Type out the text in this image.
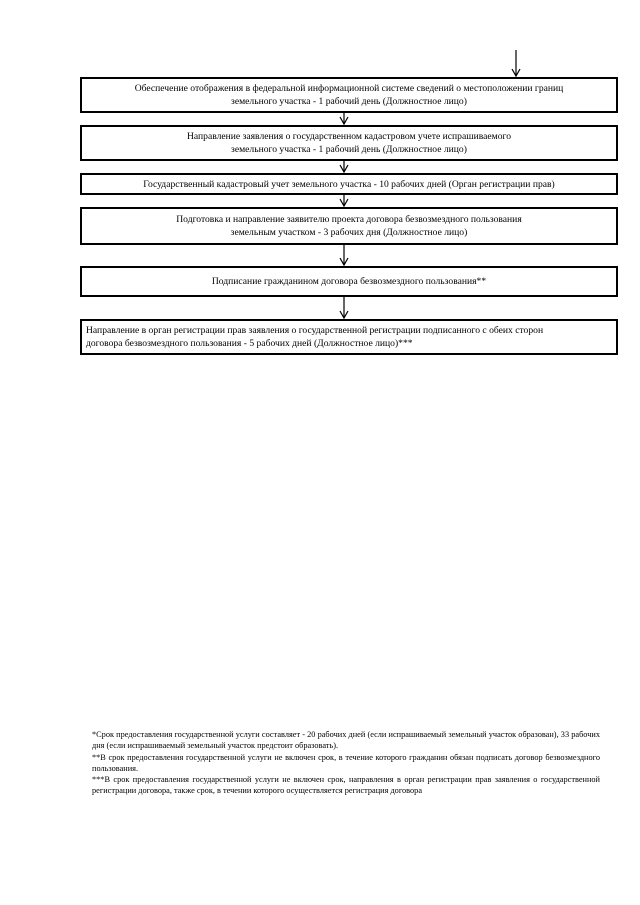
Обеспечение отображения в федеральной информационной системе сведений о местоположении границ
земельного участка - 1 рабочий день (Должностное лицо)
Направление заявления о государственном кадастровом учете испрашиваемого
земельного участка - 1 рабочий день (Должностное лицо)
Государственный кадастровый учет земельного участка - 10 рабочих дней (Орган регистрации прав)
Подготовка и направление заявителю проекта договора безвозмездного пользования
земельным участком - 3 рабочих дня (Должностное лицо)
Подписание гражданином договора безвозмездного пользования**
Направление в орган регистрации прав заявления о государственной регистрации подписанного с обеих сторон
договора безвозмездного пользования - 5 рабочих дней (Должностное лицо)***
*Срок предоставления государственной услуги составляет - 20 рабочих дней (если испрашиваемый земельный участок образован), 33 рабочих дня (если испрашиваемый земельный участок предстоит образовать).
**В срок предоставления государственной услуги не включен срок, в течение которого гражданин обязан подписать договор безвозмездного пользования.
***В срок предоставления государственной услуги не включен срок, направления в орган регистрации прав заявления о государственной регистрации договора, также срок, в течении которого осуществляется регистрация договора
